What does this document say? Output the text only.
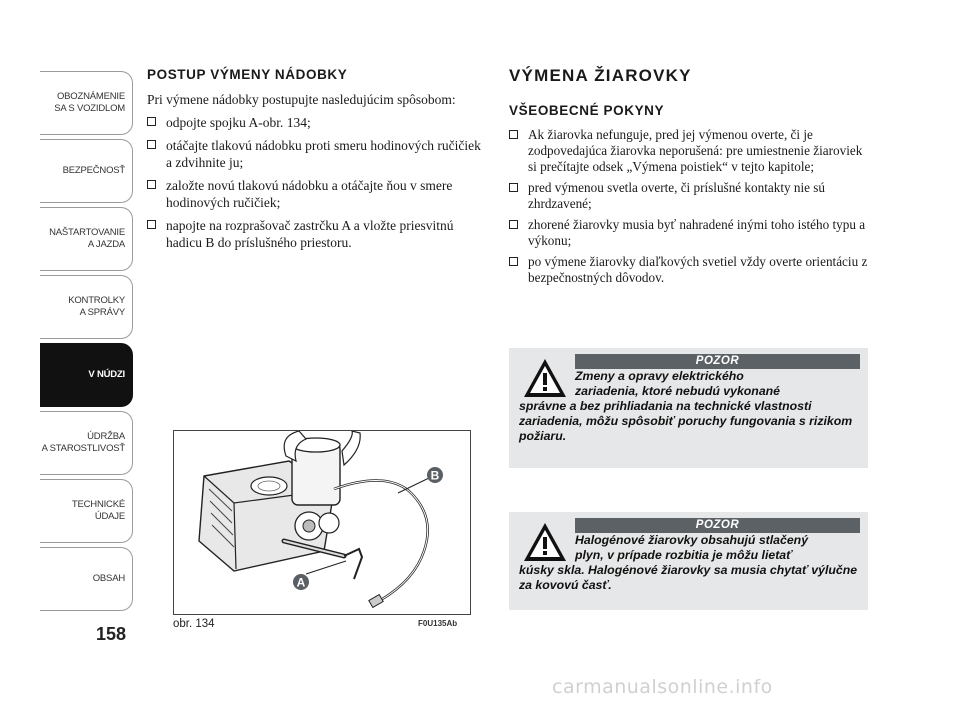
OBOZNÁMENIE
SA S VOZIDLOM
BEZPEČNOSŤ
NAŠTARTOVANIE
A JAZDA
KONTROLKY
A SPRÁVY
V NÚDZI
ÚDRŽBA
A STAROSTLIVOSŤ
TECHNICKÉ
ÚDAJE
OBSAH
158
POSTUP VÝMENY NÁDOBKY

Pri výmene nádobky postupujte nasledujúcim spôsobom:

odpojte spojku A-obr. 134;
otáčajte tlakovú nádobku proti smeru hodinových ručičiek a zdvihnite ju;
založte novú tlakovú nádobku a otáčajte ňou v smere hodinových ručičiek;
napojte na rozprašovač zastrčku A a vložte priesvitnú hadicu B do príslušného priestoru.
VÝMENA ŽIAROVKY
VŠEOBECNÉ POKYNY
Ak žiarovka nefunguje, pred jej výmenou overte, či je zodpovedajúca žiarovka neporušená: pre umiestnenie žiaroviek si prečítajte odsek „Výmena poistiek“ v tejto kapitole;
pred výmenou svetla overte, či príslušné kontakty nie sú zhrdzavené;
zhorené žiarovky musia byť nahradené inými toho istého typu a výkonu;
po výmene žiarovky diaľkových svetiel vždy overte orientáciu z bezpečnostných dôvodov.
POZOR
Zmeny a opravy elektrického
zariadenia, ktoré nebudú vykonané
správne a bez prihliadania na technické vlastnosti zariadenia, môžu spôsobiť poruchy fungovania s rizikom požiaru.
POZOR
Halogénové žiarovky obsahujú stlačený
plyn, v prípade rozbitia je môžu lietať
kúsky skla. Halogénové žiarovky sa musia chytať výlučne za kovovú časť.
A
B
obr. 134	F0U135Ab
carmanualsonline.info
